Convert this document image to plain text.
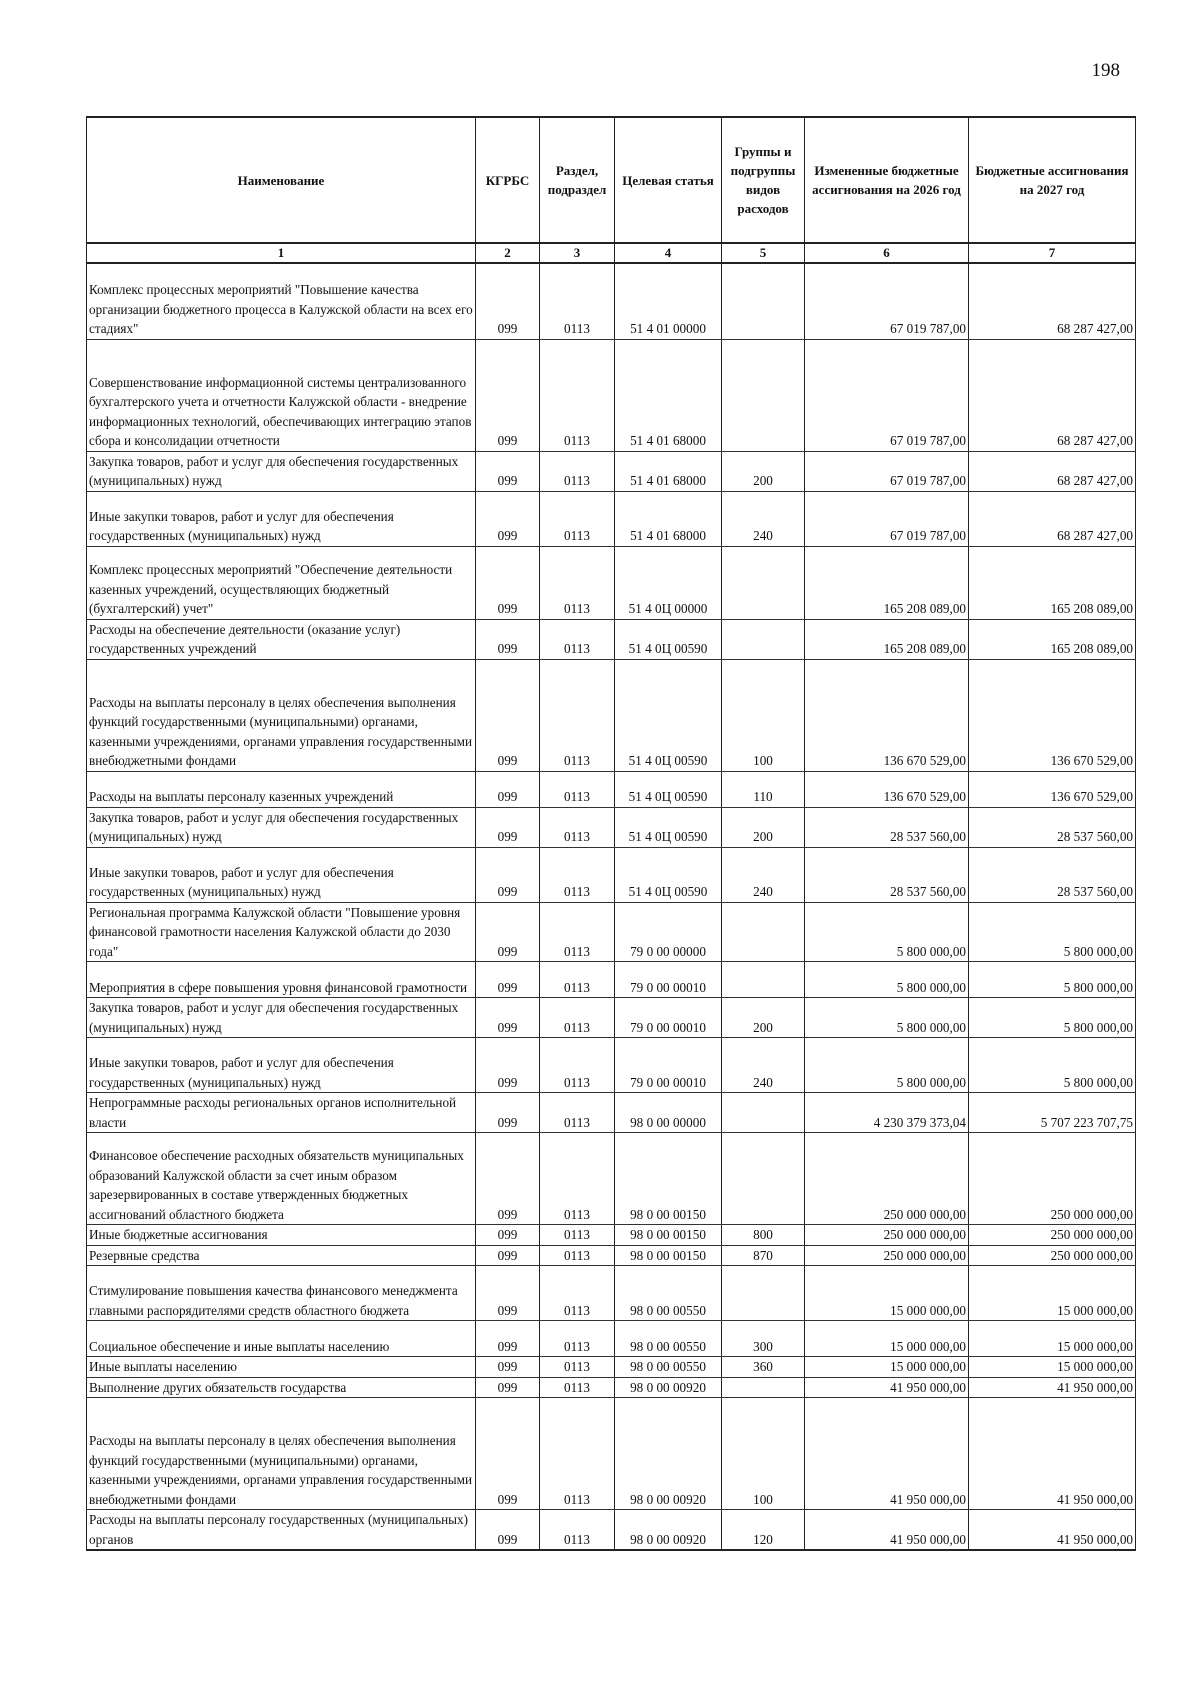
198
Наименование	КГРБС	Раздел, подраздел	Целевая статья	Группы и подгруппы видов расходов	Измененные бюджетные ассигнования на 2026 год	Бюджетные ассигнования на 2027 год
1	2	3	4	5	6	7
Комплекс процессных мероприятий "Повышение качества организации бюджетного процесса в Калужской области на всех его стадиях"	099	0113	51 4 01 00000		67 019 787,00	68 287 427,00
Совершенствование информационной системы централизованного бухгалтерского учета и отчетности Калужской области - внедрение информационных технологий, обеспечивающих интеграцию этапов сбора и консолидации отчетности	099	0113	51 4 01 68000		67 019 787,00	68 287 427,00
Закупка товаров, работ и услуг для обеспечения государственных (муниципальных) нужд	099	0113	51 4 01 68000	200	67 019 787,00	68 287 427,00
Иные закупки товаров, работ и услуг для обеспечения государственных (муниципальных) нужд	099	0113	51 4 01 68000	240	67 019 787,00	68 287 427,00
Комплекс процессных мероприятий "Обеспечение деятельности казенных учреждений, осуществляющих бюджетный (бухгалтерский) учет"	099	0113	51 4 0Ц 00000		165 208 089,00	165 208 089,00
Расходы на обеспечение деятельности (оказание услуг) государственных учреждений	099	0113	51 4 0Ц 00590		165 208 089,00	165 208 089,00
Расходы на выплаты персоналу в целях обеспечения выполнения функций государственными (муниципальными) органами, казенными учреждениями, органами управления государственными внебюджетными фондами	099	0113	51 4 0Ц 00590	100	136 670 529,00	136 670 529,00
Расходы на выплаты персоналу казенных учреждений	099	0113	51 4 0Ц 00590	110	136 670 529,00	136 670 529,00
Закупка товаров, работ и услуг для обеспечения государственных (муниципальных) нужд	099	0113	51 4 0Ц 00590	200	28 537 560,00	28 537 560,00
Иные закупки товаров, работ и услуг для обеспечения государственных (муниципальных) нужд	099	0113	51 4 0Ц 00590	240	28 537 560,00	28 537 560,00
Региональная программа Калужской области "Повышение уровня финансовой грамотности населения Калужской области до 2030 года"	099	0113	79 0 00 00000		5 800 000,00	5 800 000,00
Мероприятия в сфере повышения уровня финансовой грамотности	099	0113	79 0 00 00010		5 800 000,00	5 800 000,00
Закупка товаров, работ и услуг для обеспечения государственных (муниципальных) нужд	099	0113	79 0 00 00010	200	5 800 000,00	5 800 000,00
Иные закупки товаров, работ и услуг для обеспечения государственных (муниципальных) нужд	099	0113	79 0 00 00010	240	5 800 000,00	5 800 000,00
Непрограммные расходы региональных органов исполнительной власти	099	0113	98 0 00 00000		4 230 379 373,04	5 707 223 707,75
Финансовое обеспечение расходных обязательств муниципальных образований Калужской области за счет иным образом зарезервированных в составе утвержденных бюджетных ассигнований областного бюджета	099	0113	98 0 00 00150		250 000 000,00	250 000 000,00
Иные бюджетные ассигнования	099	0113	98 0 00 00150	800	250 000 000,00	250 000 000,00
Резервные средства	099	0113	98 0 00 00150	870	250 000 000,00	250 000 000,00
Стимулирование повышения качества финансового менеджмента главными распорядителями средств областного бюджета	099	0113	98 0 00 00550		15 000 000,00	15 000 000,00
Социальное обеспечение и иные выплаты населению	099	0113	98 0 00 00550	300	15 000 000,00	15 000 000,00
Иные выплаты населению	099	0113	98 0 00 00550	360	15 000 000,00	15 000 000,00
Выполнение других обязательств государства	099	0113	98 0 00 00920		41 950 000,00	41 950 000,00
Расходы на выплаты персоналу в целях обеспечения выполнения функций государственными (муниципальными) органами, казенными учреждениями, органами управления государственными внебюджетными фондами	099	0113	98 0 00 00920	100	41 950 000,00	41 950 000,00
Расходы на выплаты персоналу государственных (муниципальных) органов	099	0113	98 0 00 00920	120	41 950 000,00	41 950 000,00
